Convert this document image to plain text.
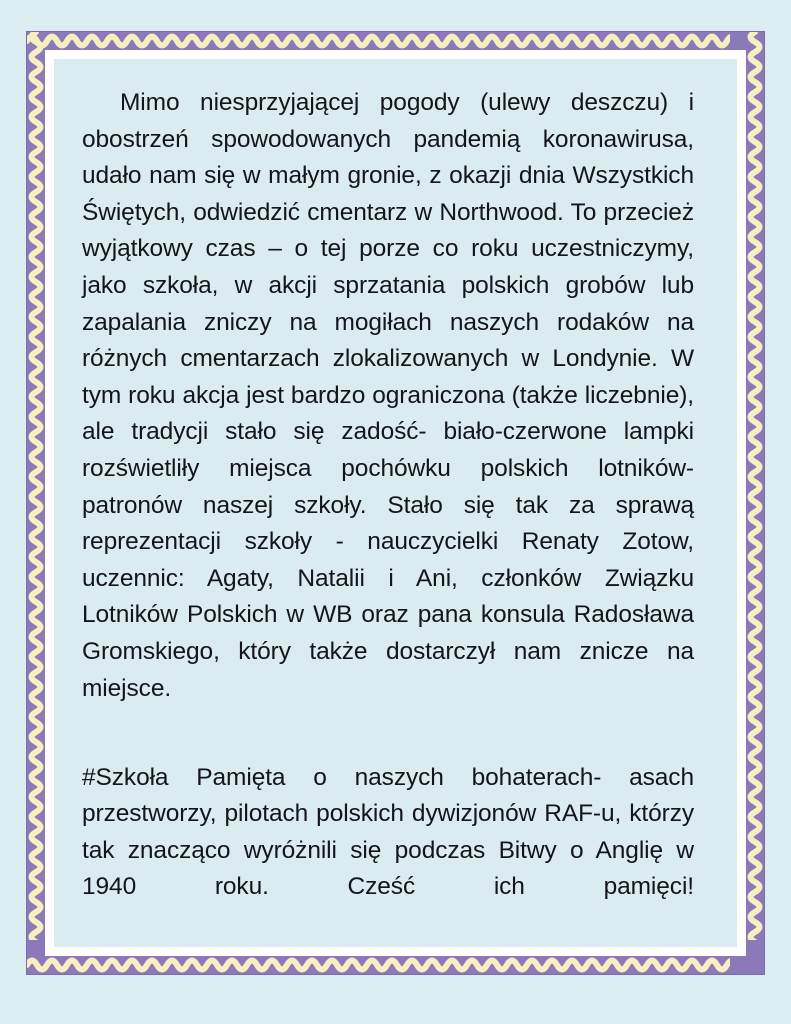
Mimo niesprzyjającej pogody (ulewy deszczu) i obostrzeń spowodowanych pandemią koronawirusa, udało nam się w małym gronie, z okazji dnia Wszystkich Świętych, odwiedzić cmentarz w Northwood. To przecież wyjątkowy czas – o tej porze co roku uczestniczymy, jako szkoła, w akcji sprzatania polskich grobów lub zapalania zniczy na mogiłach naszych rodaków na różnych cmentarzach zlokalizowanych w Londynie. W tym roku akcja jest bardzo ograniczona (także liczebnie), ale tradycji stało się zadość- biało-czerwone lampki rozświetliły miejsca pochówku polskich lotników-patronów naszej szkoły. Stało się tak za sprawą reprezentacji szkoły - nauczycielki Renaty Zotow, uczennic: Agaty, Natalii i Ani, członków Związku Lotników Polskich w WB oraz pana konsula Radosława Gromskiego, który także dostarczył nam znicze na miejsce.

#Szkoła Pamięta o naszych bohaterach- asach przestworzy, pilotach polskich dywizjonów RAF-u, którzy tak znacząco wyróżnili się podczas Bitwy o Anglię w 1940 roku. Cześć ich pamięci!
